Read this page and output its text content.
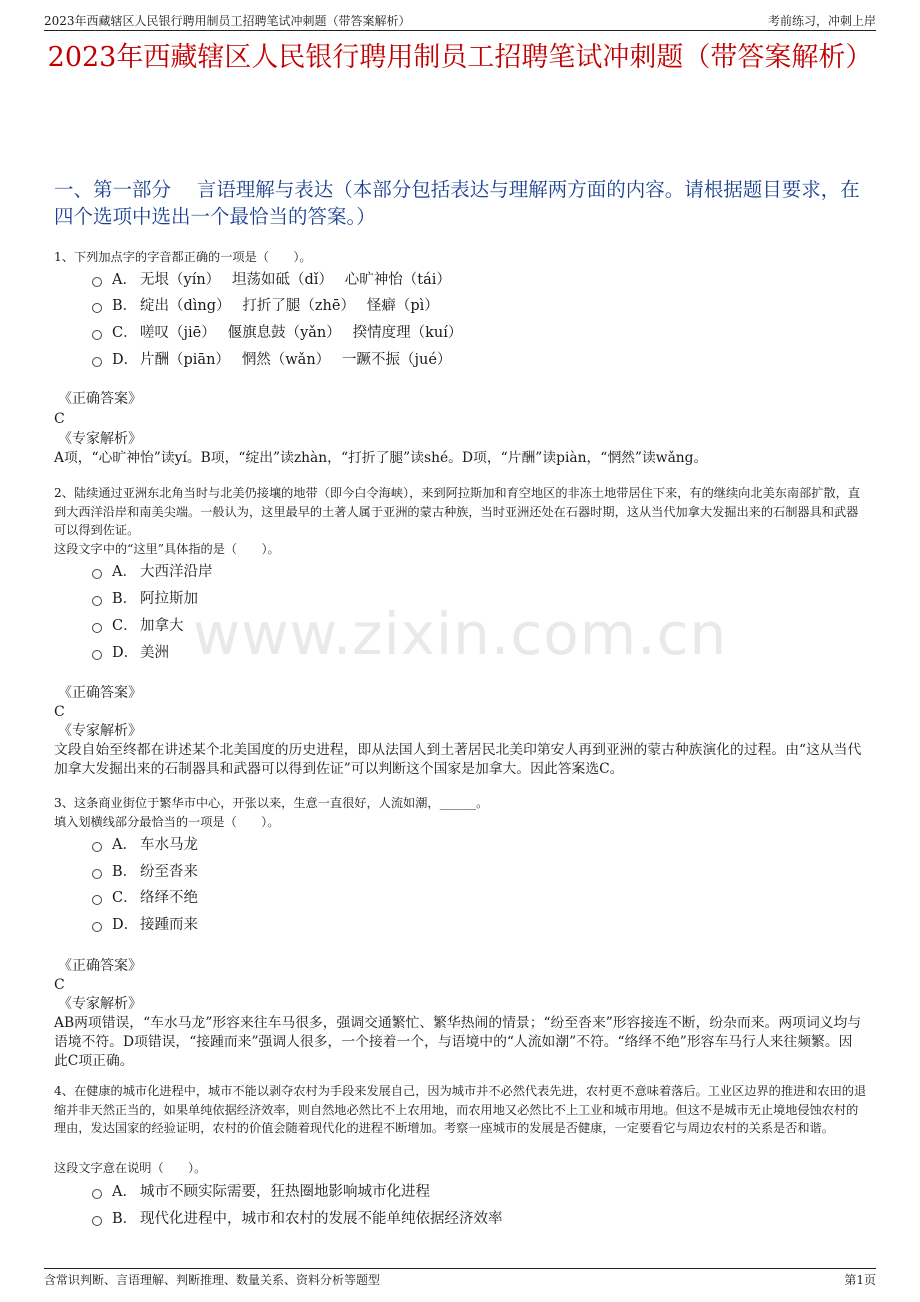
2023年西藏辖区人民银行聘用制员工招聘笔试冲刺题（带答案解析）	考前练习，冲刺上岸
2023年西藏辖区人民银行聘用制员工招聘笔试冲刺题（带答案解析）
一、第一部分　 言语理解与表达（本部分包括表达与理解两方面的内容。请根据题目要求，在四个选项中选出一个最恰当的答案。）
www.zixin.com.cn
1、下列加点字的字音都正确的一项是（　　）。
A． 无垠（yín）　 坦荡如砥（dǐ）　 心旷神怡（tái）
B． 绽出（dìng）　 打折了腿（zhē）　 怪癖（pì）
C． 嗟叹（jiē）　 偃旗息鼓（yǎn）　 揆情度理（kuí）
D． 片酬（piān）　 惘然（wǎn）　 一蹶不振（jué）
《正确答案》
C
《专家解析》
A项，“心旷神怡”读yí。B项，“绽出”读zhàn，“打折了腿”读shé。D项，“片酬”读piàn，“惘然”读wǎng。
2、陆续通过亚洲东北角当时与北美仍接壤的地带（即今白令海峡），来到阿拉斯加和育空地区的非冻土地带居住下来，有的继续向北美东南部扩散，直到大西洋沿岸和南美尖端。一般认为，这里最早的土著人属于亚洲的蒙古种族，当时亚洲还处在石器时期，这从当代加拿大发掘出来的石制器具和武器可以得到佐证。
这段文字中的“这里”具体指的是（　　）。
A． 大西洋沿岸
B． 阿拉斯加
C． 加拿大
D． 美洲
《正确答案》
C
《专家解析》
文段自始至终都在讲述某个北美国度的历史进程，即从法国人到土著居民北美印第安人再到亚洲的蒙古种族演化的过程。由“这从当代加拿大发掘出来的石制器具和武器可以得到佐证”可以判断这个国家是加拿大。因此答案选C。
3、这条商业街位于繁华市中心，开张以来，生意一直很好，人流如潮，______。
填入划横线部分最恰当的一项是（　　）。
A． 车水马龙
B． 纷至沓来
C． 络绎不绝
D． 接踵而来
《正确答案》
C
《专家解析》
AB两项错误，“车水马龙”形容来往车马很多，强调交通繁忙、繁华热闹的情景；“纷至沓来”形容接连不断，纷杂而来。两项词义均与语境不符。D项错误，“接踵而来”强调人很多，一个接着一个，与语境中的“人流如潮”不符。“络绎不绝”形容车马行人来往频繁。因此C项正确。
4、在健康的城市化进程中，城市不能以剥夺农村为手段来发展自己，因为城市并不必然代表先进，农村更不意味着落后。工业区边界的推进和农田的退缩并非天然正当的，如果单纯依据经济效率，则自然地必然比不上农用地，而农用地又必然比不上工业和城市用地。但这不是城市无止境地侵蚀农村的理由，发达国家的经验证明，农村的价值会随着现代化的进程不断增加。考察一座城市的发展是否健康，一定要看它与周边农村的关系是否和谐。
这段文字意在说明（　　）。
A． 城市不顾实际需要，狂热圈地影响城市化进程
B． 现代化进程中，城市和农村的发展不能单纯依据经济效率
含常识判断、言语理解、判断推理、数量关系、资料分析等题型	第1页
